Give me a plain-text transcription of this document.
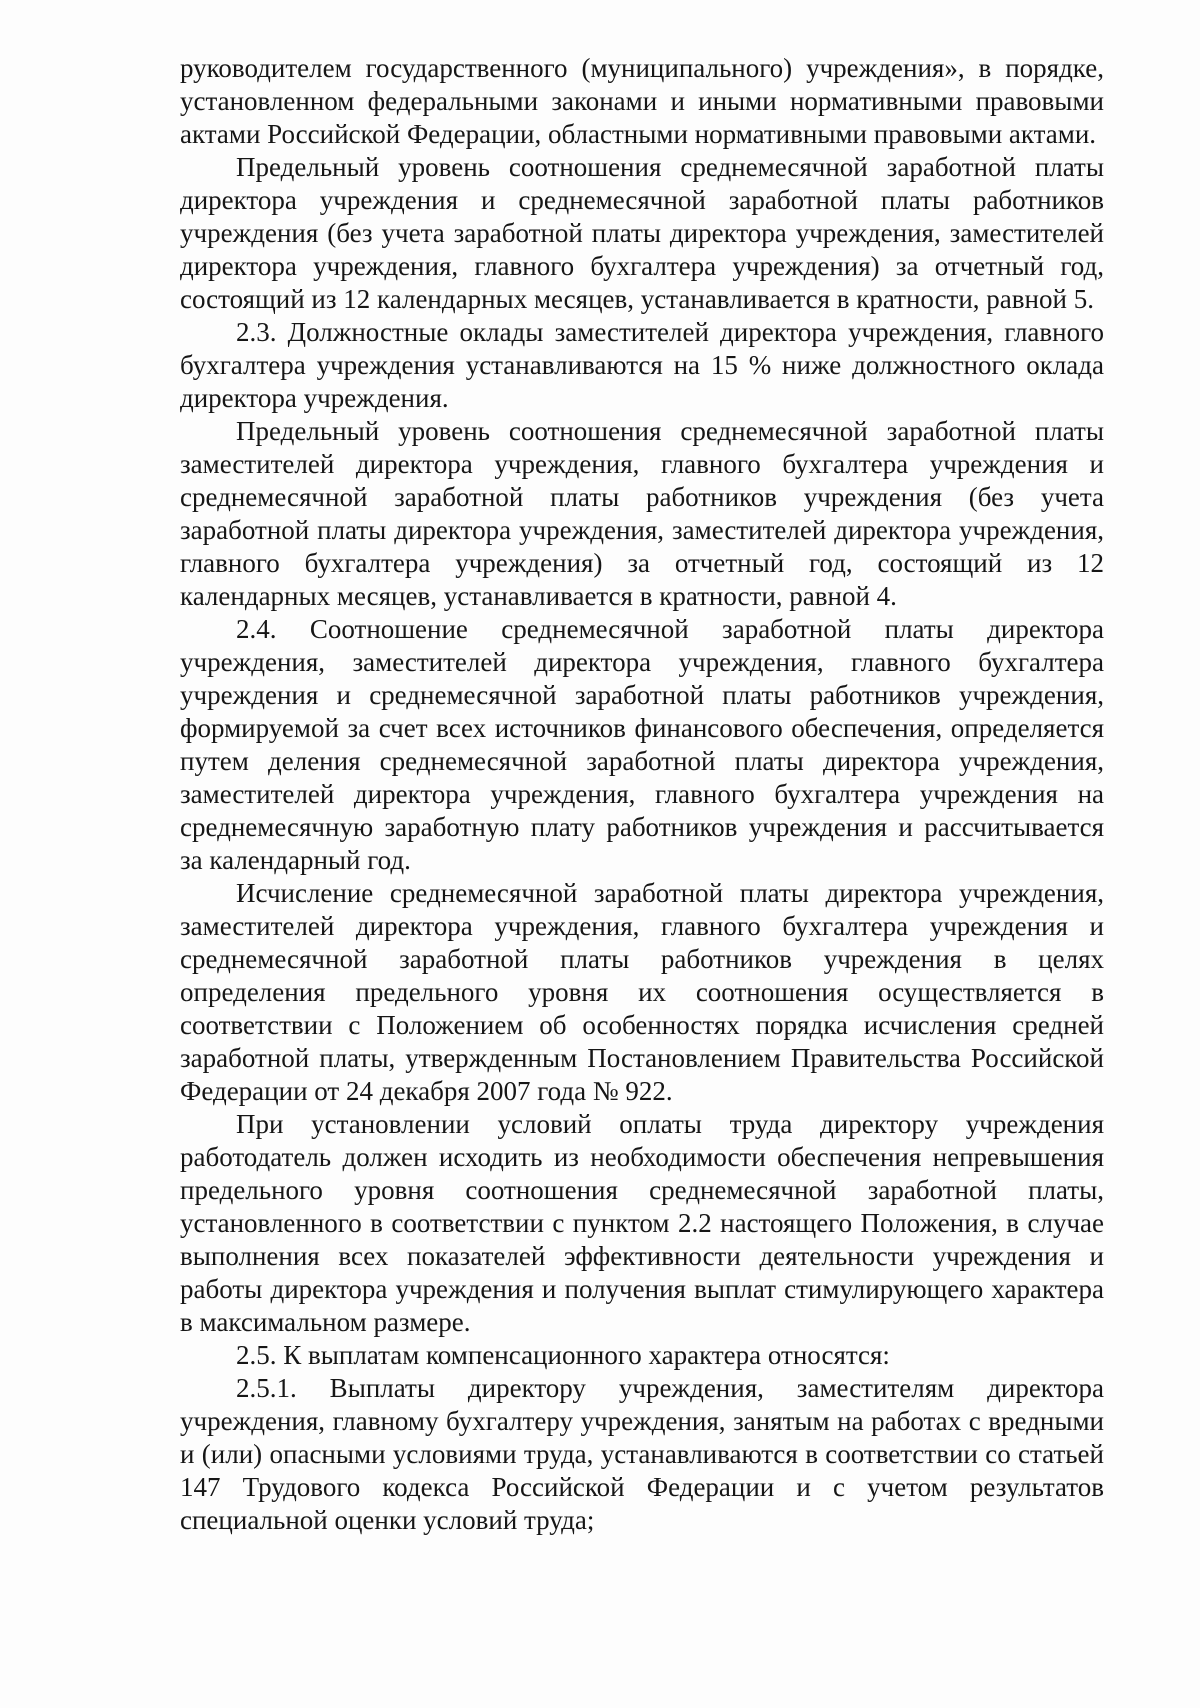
руководителем государственного (муниципального) учреждения», в порядке, установленном федеральными законами и иными нормативными правовыми актами Российской Федерации, областными нормативными правовыми актами.

Предельный уровень соотношения среднемесячной заработной платы директора учреждения и среднемесячной заработной платы работников учреждения (без учета заработной платы директора учреждения, заместителей директора учреждения, главного бухгалтера учреждения) за отчетный год, состоящий из 12 календарных месяцев, устанавливается в кратности, равной 5.

2.3. Должностные оклады заместителей директора учреждения, главного бухгалтера учреждения устанавливаются на 15 % ниже должностного оклада директора учреждения.

Предельный уровень соотношения среднемесячной заработной платы заместителей директора учреждения, главного бухгалтера учреждения и среднемесячной заработной платы работников учреждения (без учета заработной платы директора учреждения, заместителей директора учреждения, главного бухгалтера учреждения) за отчетный год, состоящий из 12 календарных месяцев, устанавливается в кратности, равной 4.

2.4. Соотношение среднемесячной заработной платы директора учреждения, заместителей директора учреждения, главного бухгалтера учреждения и среднемесячной заработной платы работников учреждения, формируемой за счет всех источников финансового обеспечения, определяется путем деления среднемесячной заработной платы директора учреждения, заместителей директора учреждения, главного бухгалтера учреждения на среднемесячную заработную плату работников учреждения и рассчитывается за календарный год.

Исчисление среднемесячной заработной платы директора учреждения, заместителей директора учреждения, главного бухгалтера учреждения и среднемесячной заработной платы работников учреждения в целях определения предельного уровня их соотношения осуществляется в соответствии с Положением об особенностях порядка исчисления средней заработной платы, утвержденным Постановлением Правительства Российской Федерации от 24 декабря 2007 года № 922.

При установлении условий оплаты труда директору учреждения работодатель должен исходить из необходимости обеспечения непревышения предельного уровня соотношения среднемесячной заработной платы, установленного в соответствии с пунктом 2.2 настоящего Положения, в случае выполнения всех показателей эффективности деятельности учреждения и работы директора учреждения и получения выплат стимулирующего характера в максимальном размере.

2.5. К выплатам компенсационного характера относятся:

2.5.1. Выплаты директору учреждения, заместителям директора учреждения, главному бухгалтеру учреждения, занятым на работах с вредными и (или) опасными условиями труда, устанавливаются в соответствии со статьей 147 Трудового кодекса Российской Федерации и с учетом результатов специальной оценки условий труда;
